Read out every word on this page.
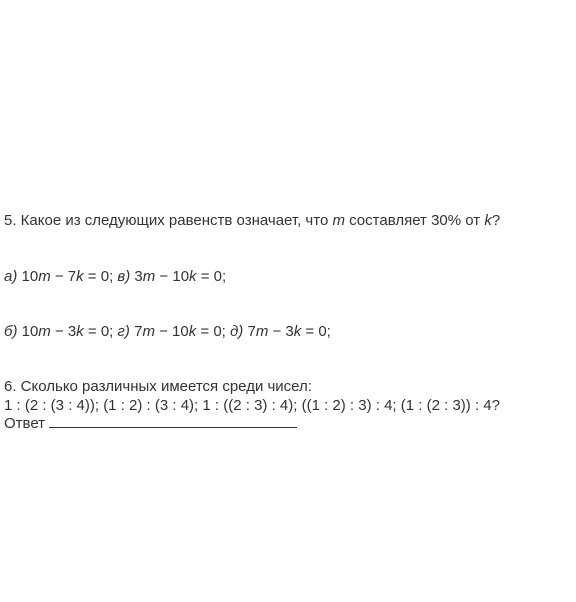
5. Какое из следующих равенств означает, что т составляет 30% от k?
а) 10т − 7k = 0; в) 3т − 10k = 0;
б) 10т − 3k = 0; г) 7т − 10k = 0; д) 7т − 3k = 0;
6. Сколько различных имеется среди чисел:
1 : (2 : (3 : 4)); (1 : 2) : (3 : 4); 1 : ((2 : 3) : 4); ((1 : 2) : 3) : 4; (1 : (2 : 3)) : 4?
Ответ
